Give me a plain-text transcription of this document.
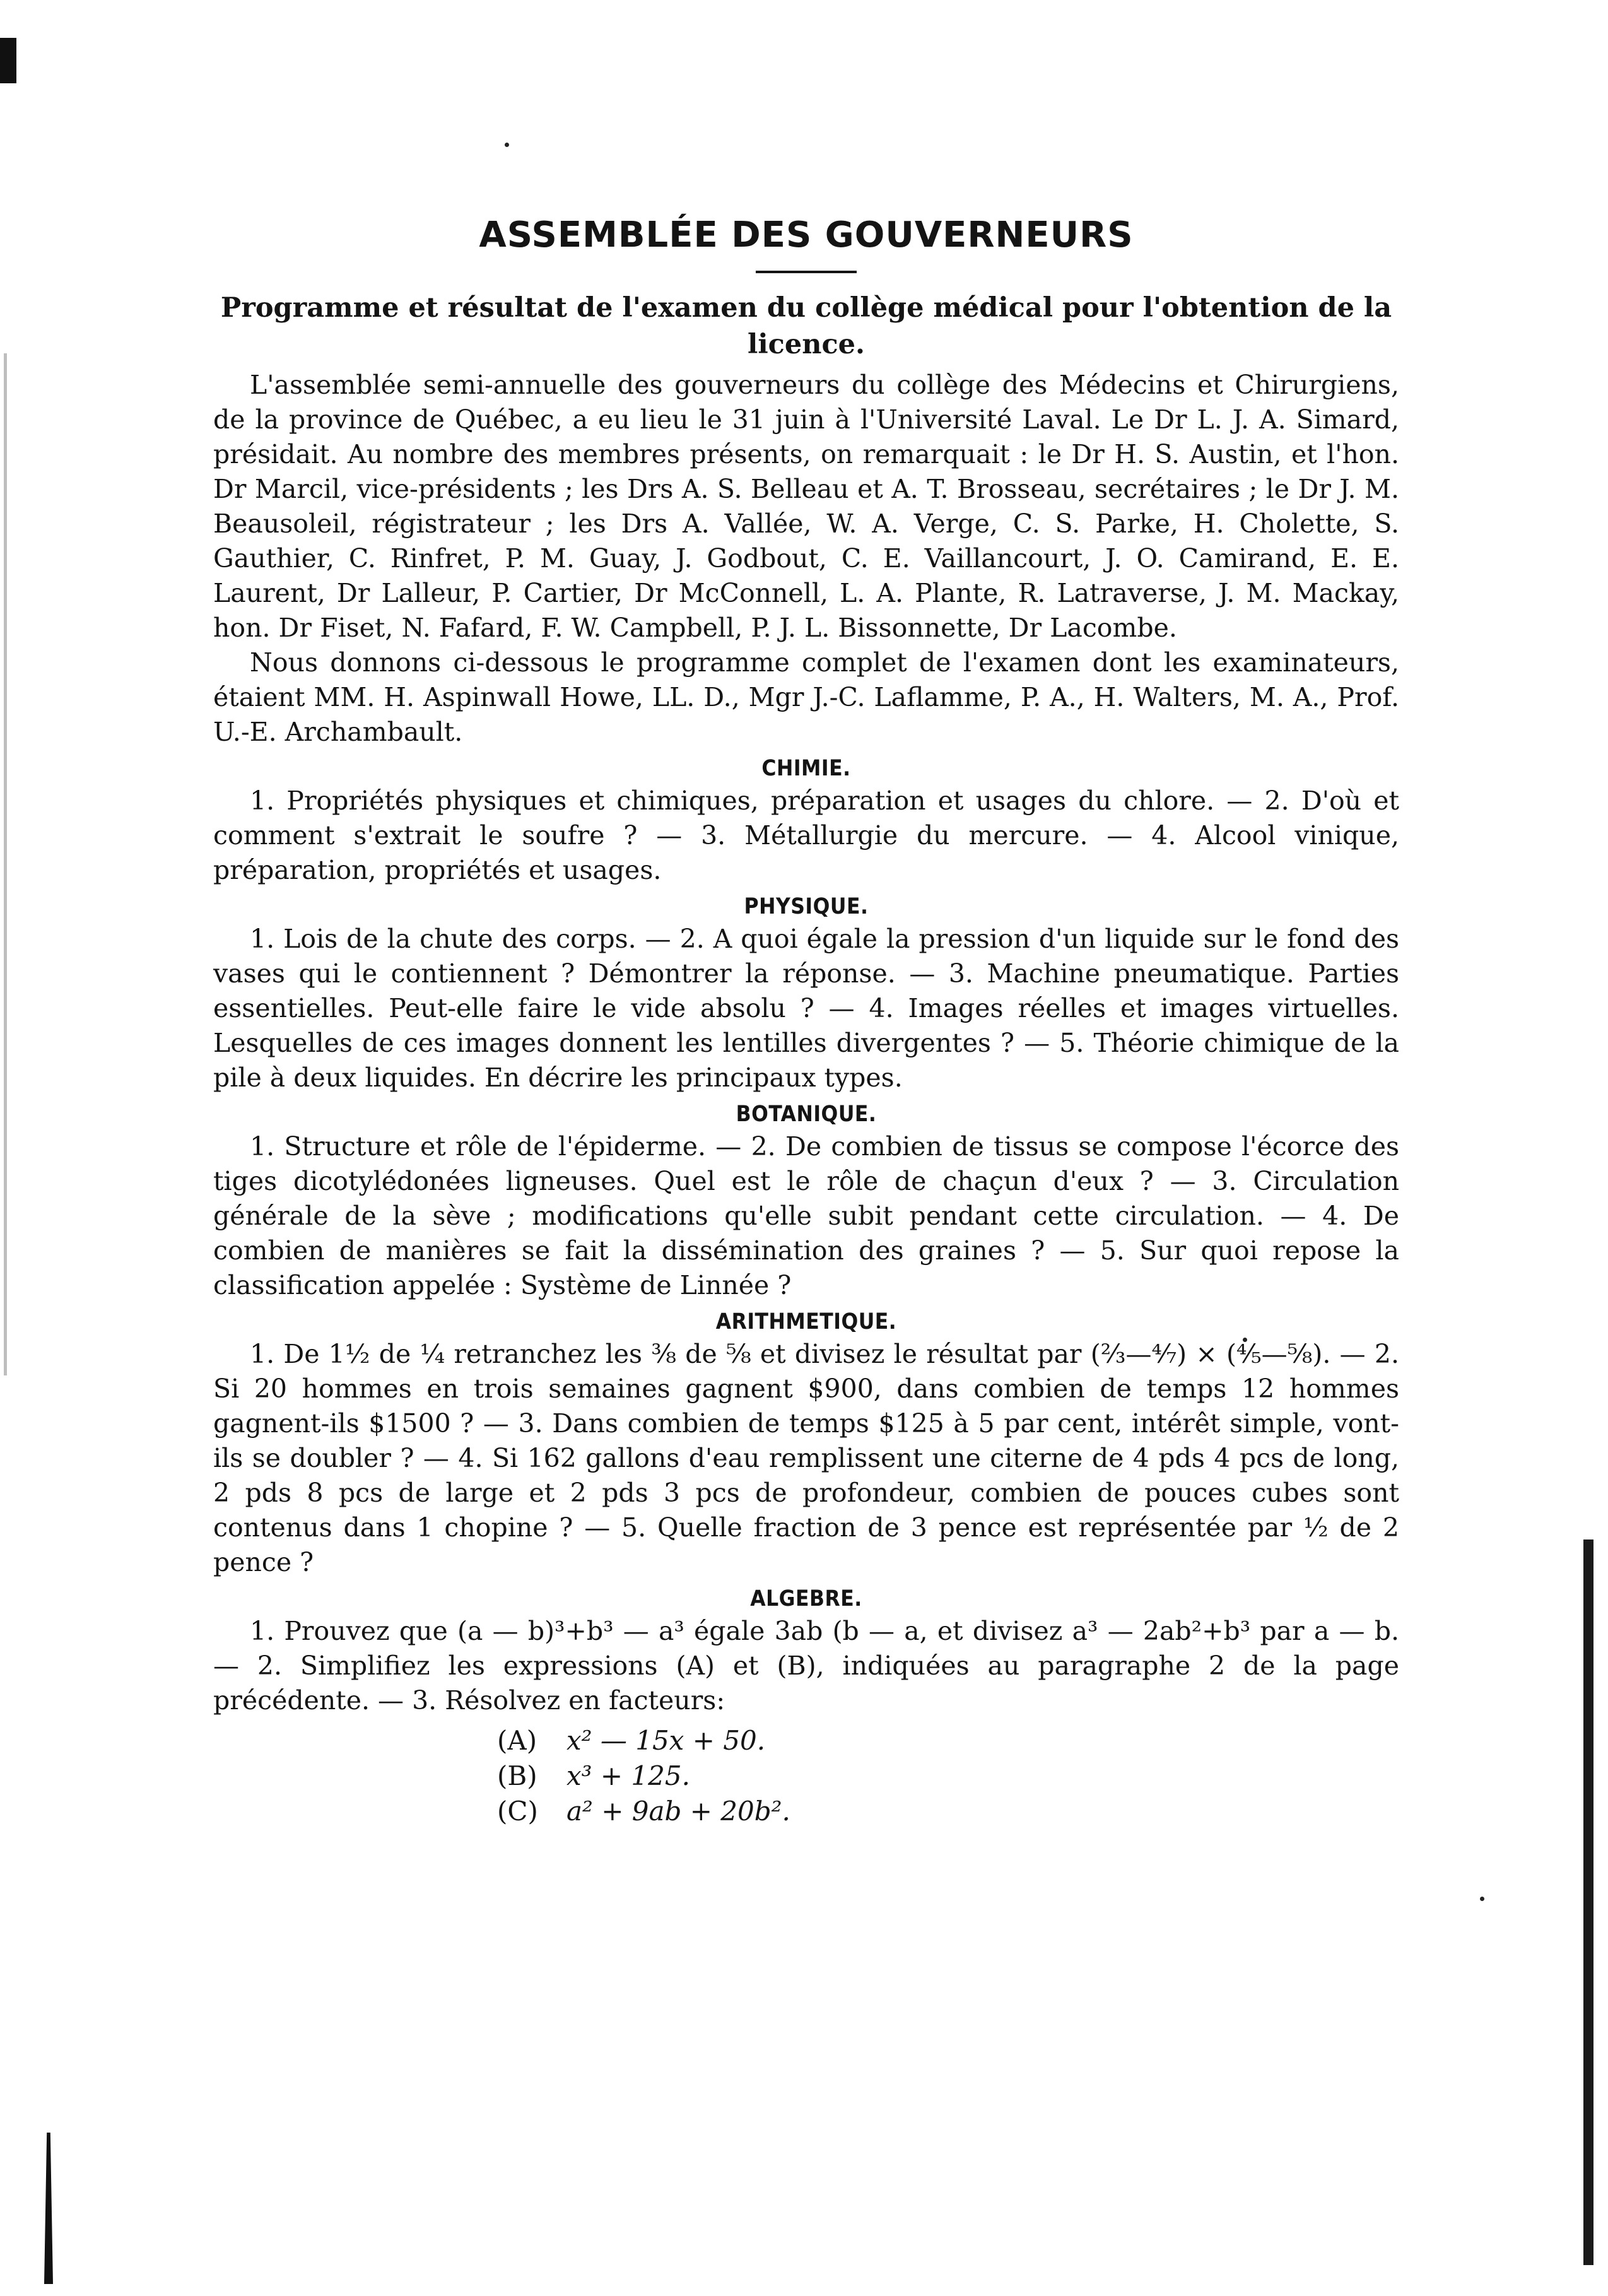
ASSEMBLÉE DES GOUVERNEURS

Programme et résultat de l'examen du collège médical pour l'obtention de la licence.

L'assemblée semi-annuelle des gouverneurs du collège des Médecins et Chirurgiens, de la province de Québec, a eu lieu le 31 juin à l'Université Laval. Le Dr L. J. A. Simard, présidait. Au nombre des membres présents, on remarquait : le Dr H. S. Austin, et l'hon. Dr Marcil, vice-présidents ; les Drs A. S. Belleau et A. T. Brosseau, secrétaires ; le Dr J. M. Beausoleil, régistrateur ; les Drs A. Vallée, W. A. Verge, C. S. Parke, H. Cholette, S. Gauthier, C. Rinfret, P. M. Guay, J. Godbout, C. E. Vaillancourt, J. O. Camirand, E. E. Laurent, Dr Lalleur, P. Cartier, Dr McConnell, L. A. Plante, R. Latraverse, J. M. Mackay, hon. Dr Fiset, N. Fafard, F. W. Campbell, P. J. L. Bissonnette, Dr Lacombe.

Nous donnons ci-dessous le programme complet de l'examen dont les examinateurs, étaient MM. H. Aspinwall Howe, LL. D., Mgr J.-C. Laflamme, P. A., H. Walters, M. A., Prof. U.-E. Archambault.

CHIMIE.

1. Propriétés physiques et chimiques, préparation et usages du chlore. — 2. D'où et comment s'extrait le soufre ? — 3. Métallurgie du mercure. — 4. Alcool vinique, préparation, propriétés et usages.

PHYSIQUE.

1. Lois de la chute des corps. — 2. A quoi égale la pression d'un liquide sur le fond des vases qui le contiennent ? Démontrer la réponse. — 3. Machine pneumatique. Parties essentielles. Peut-elle faire le vide absolu ? — 4. Images réelles et images virtuelles. Lesquelles de ces images donnent les lentilles divergentes ? — 5. Théorie chimique de la pile à deux liquides. En décrire les principaux types.

BOTANIQUE.

1. Structure et rôle de l'épiderme. — 2. De combien de tissus se compose l'écorce des tiges dicotylédonées ligneuses. Quel est le rôle de chaçun d'eux ? — 3. Circulation générale de la sève ; modifications qu'elle subit pendant cette circulation. — 4. De combien de manières se fait la dissémination des graines ? — 5. Sur quoi repose la classification appelée : Système de Linnée ?

ARITHMETIQUE.

1. De 1½ de ¼ retranchez les ⅜ de ⅝ et divisez le résultat par (⅔—⁴⁄₇) × (⁴⁄₅—⅝). — 2. Si 20 hommes en trois semaines gagnent $900, dans combien de temps 12 hommes gagnent-ils $1500 ? — 3. Dans combien de temps $125 à 5 par cent, intérêt simple, vont-ils se doubler ? — 4. Si 162 gallons d'eau remplissent une citerne de 4 pds 4 pcs de long, 2 pds 8 pcs de large et 2 pds 3 pcs de profondeur, combien de pouces cubes sont contenus dans 1 chopine ? — 5. Quelle fraction de 3 pence est représentée par ½ de 2 pence ?

ALGEBRE.

1. Prouvez que (a — b)³+b³ — a³ égale 3ab (b — a, et divisez a³ — 2ab²+b³ par a — b. — 2. Simplifiez les expressions (A) et (B), indiquées au paragraphe 2 de la page précédente. — 3. Résolvez en facteurs:

(A)	x² — 15x + 50.
(B)	x³ + 125.
(C)	a² + 9ab + 20b².
